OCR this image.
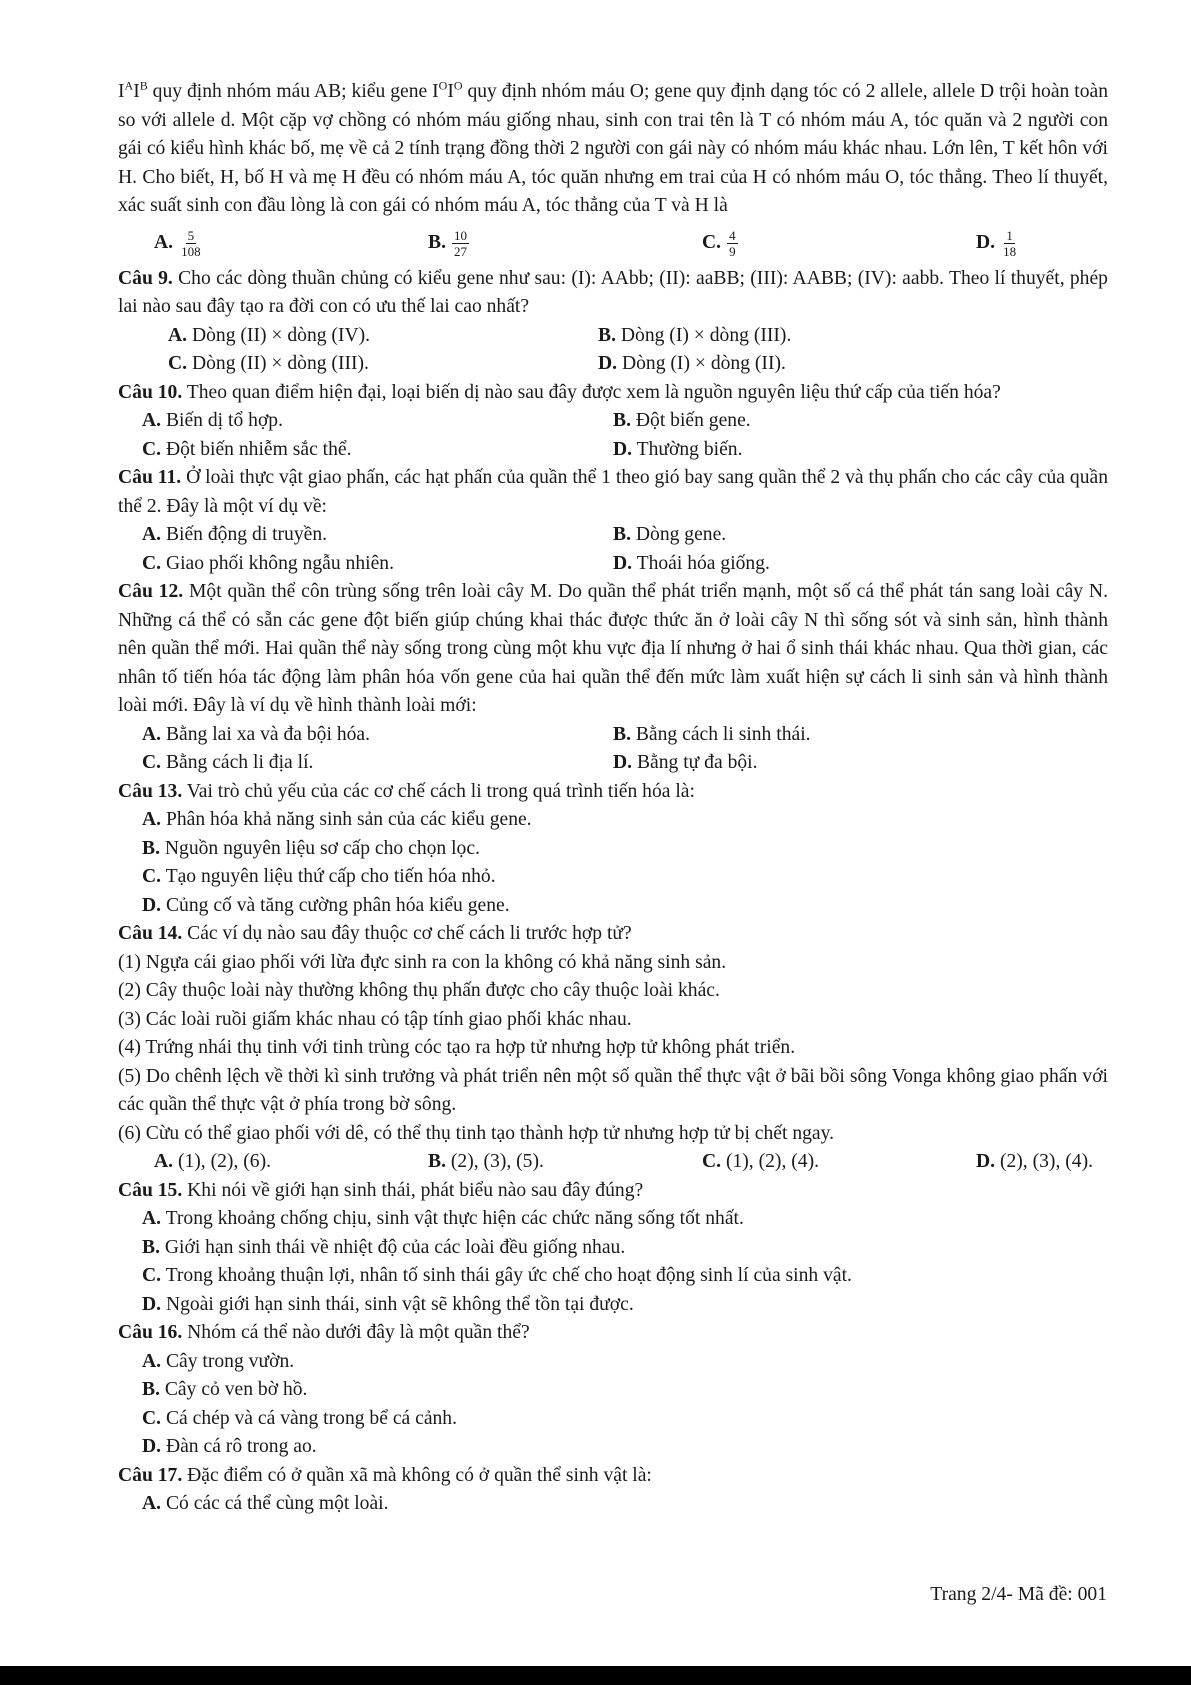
$I^AI^B$ quy định nhóm máu AB; kiểu gene $I^OI^O$ quy định nhóm máu O; gene quy định dạng tóc có 2 allele, allele D trội hoàn toàn so với allele d. Một cặp vợ chồng có nhóm máu giống nhau, sinh con trai tên là T có nhóm máu A, tóc quăn và 2 người con gái có kiểu hình khác bố, mẹ về cả 2 tính trạng đồng thời 2 người con gái này có nhóm máu khác nhau. Lớn lên, T kết hôn với H. Cho biết, H, bố H và mẹ H đều có nhóm máu A, tóc quăn nhưng em trai của H có nhóm máu O, tóc thẳng. Theo lí thuyết, xác suất sinh con đầu lòng là con gái có nhóm máu A, tóc thẳng của T và H là

A. $\frac{5}{108}$	B. $\frac{10}{27}$	C. $\frac{4}{9}$	D. $\frac{1}{18}$

Câu 9. Cho các dòng thuần chủng có kiểu gene như sau: (I): AAbb; (II): aaBB; (III): AABB; (IV): aabb. Theo lí thuyết, phép lai nào sau đây tạo ra đời con có ưu thế lai cao nhất?

A. Dòng (II) × dòng (IV).	B. Dòng (I) × dòng (III).
C. Dòng (II) × dòng (III).	D. Dòng (I) × dòng (II).

Câu 10. Theo quan điểm hiện đại, loại biến dị nào sau đây được xem là nguồn nguyên liệu thứ cấp của tiến hóa?

A. Biến dị tổ hợp.	B. Đột biến gene.
C. Đột biến nhiễm sắc thể.	D. Thường biến.

Câu 11. Ở loài thực vật giao phấn, các hạt phấn của quần thể 1 theo gió bay sang quần thể 2 và thụ phấn cho các cây của quần thể 2. Đây là một ví dụ về:

A. Biến động di truyền.	B. Dòng gene.
C. Giao phối không ngẫu nhiên.	D. Thoái hóa giống.

Câu 12. Một quần thể côn trùng sống trên loài cây M. Do quần thể phát triển mạnh, một số cá thể phát tán sang loài cây N. Những cá thể có sẵn các gene đột biến giúp chúng khai thác được thức ăn ở loài cây N thì sống sót và sinh sản, hình thành nên quần thể mới. Hai quần thể này sống trong cùng một khu vực địa lí nhưng ở hai ổ sinh thái khác nhau. Qua thời gian, các nhân tố tiến hóa tác động làm phân hóa vốn gene của hai quần thể đến mức làm xuất hiện sự cách li sinh sản và hình thành loài mới. Đây là ví dụ về hình thành loài mới:

A. Bằng lai xa và đa bội hóa.	B. Bằng cách li sinh thái.
C. Bằng cách li địa lí.	D. Bằng tự đa bội.

Câu 13. Vai trò chủ yếu của các cơ chế cách li trong quá trình tiến hóa là:

A. Phân hóa khả năng sinh sản của các kiểu gene.
B. Nguồn nguyên liệu sơ cấp cho chọn lọc.
C. Tạo nguyên liệu thứ cấp cho tiến hóa nhỏ.
D. Củng cố và tăng cường phân hóa kiểu gene.

Câu 14. Các ví dụ nào sau đây thuộc cơ chế cách li trước hợp tử?

(1) Ngựa cái giao phối với lừa đực sinh ra con la không có khả năng sinh sản.

(2) Cây thuộc loài này thường không thụ phấn được cho cây thuộc loài khác.

(3) Các loài ruồi giấm khác nhau có tập tính giao phối khác nhau.

(4) Trứng nhái thụ tinh với tinh trùng cóc tạo ra hợp tử nhưng hợp tử không phát triển.

(5) Do chênh lệch về thời kì sinh trưởng và phát triển nên một số quần thể thực vật ở bãi bồi sông Vonga không giao phấn với các quần thể thực vật ở phía trong bờ sông.

(6) Cừu có thể giao phối với dê, có thể thụ tinh tạo thành hợp tử nhưng hợp tử bị chết ngay.

A. (1), (2), (6).	B. (2), (3), (5).	C. (1), (2), (4).	D. (2), (3), (4).

Câu 15. Khi nói về giới hạn sinh thái, phát biểu nào sau đây đúng?

A. Trong khoảng chống chịu, sinh vật thực hiện các chức năng sống tốt nhất.
B. Giới hạn sinh thái về nhiệt độ của các loài đều giống nhau.
C. Trong khoảng thuận lợi, nhân tố sinh thái gây ức chế cho hoạt động sinh lí của sinh vật.
D. Ngoài giới hạn sinh thái, sinh vật sẽ không thể tồn tại được.

Câu 16. Nhóm cá thể nào dưới đây là một quần thể?

A. Cây trong vườn.
B. Cây cỏ ven bờ hồ.
C. Cá chép và cá vàng trong bể cá cảnh.
D. Đàn cá rô trong ao.

Câu 17. Đặc điểm có ở quần xã mà không có ở quần thể sinh vật là:

A. Có các cá thể cùng một loài.
Trang 2/4- Mã đề: 001
